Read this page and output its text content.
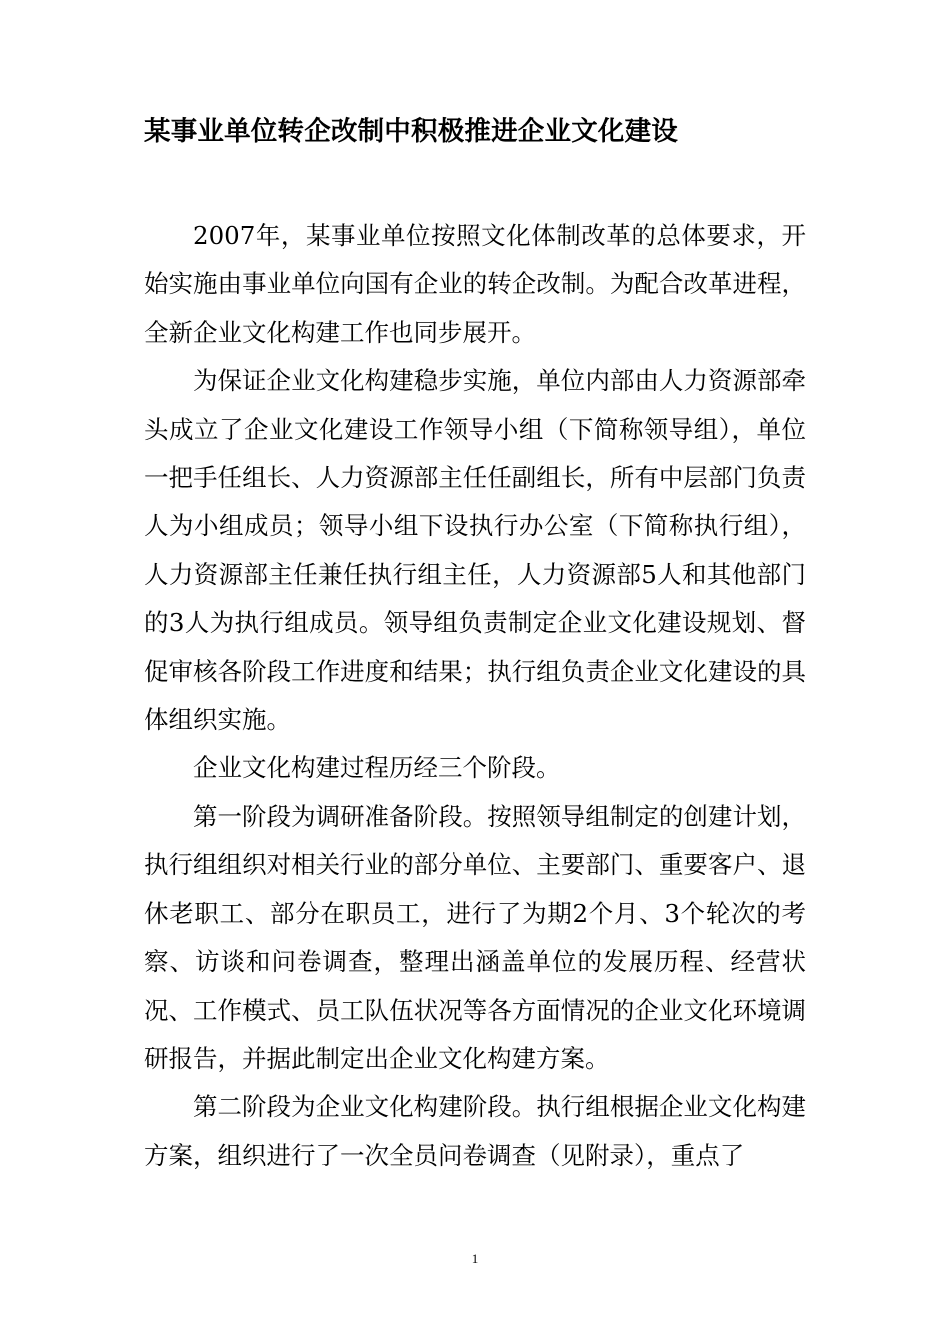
某事业单位转企改制中积极推进企业文化建设

2007年，某事业单位按照文化体制改革的总体要求，开始实施由事业单位向国有企业的转企改制。为配合改革进程，全新企业文化构建工作也同步展开。

为保证企业文化构建稳步实施，单位内部由人力资源部牵头成立了企业文化建设工作领导小组（下简称领导组），单位一把手任组长、人力资源部主任任副组长，所有中层部门负责人为小组成员；领导小组下设执行办公室（下简称执行组），人力资源部主任兼任执行组主任，人力资源部5人和其他部门的3人为执行组成员。领导组负责制定企业文化建设规划、督促审核各阶段工作进度和结果；执行组负责企业文化建设的具体组织实施。

企业文化构建过程历经三个阶段。

第一阶段为调研准备阶段。按照领导组制定的创建计划，执行组组织对相关行业的部分单位、主要部门、重要客户、退休老职工、部分在职员工，进行了为期2个月、3个轮次的考察、访谈和问卷调查，整理出涵盖单位的发展历程、经营状况、工作模式、员工队伍状况等各方面情况的企业文化环境调研报告，并据此制定出企业文化构建方案。

第二阶段为企业文化构建阶段。执行组根据企业文化构建方案，组织进行了一次全员问卷调查（见附录），重点了

1
